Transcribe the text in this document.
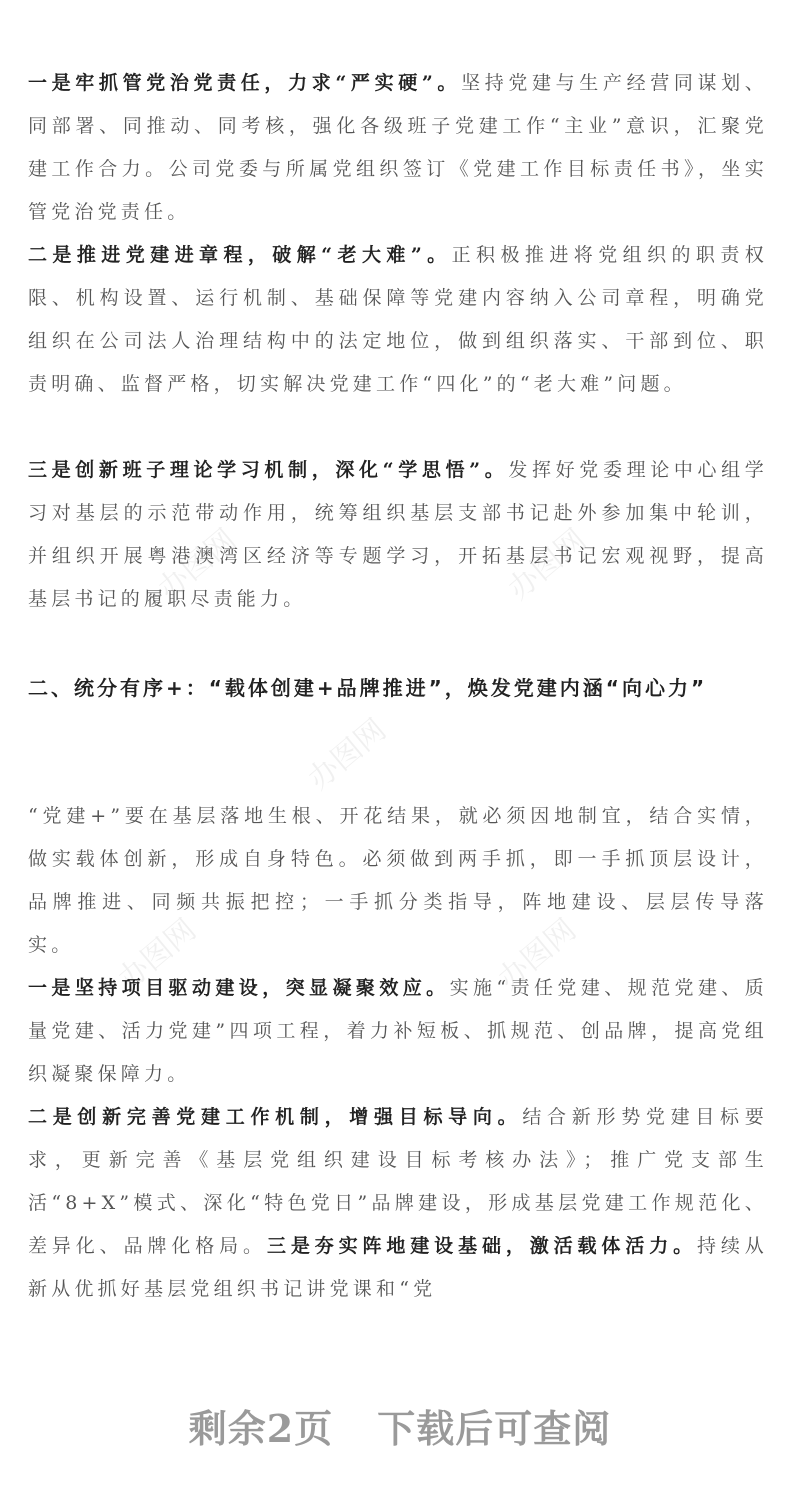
办图网	办图网
办图网
办图网	办图网

一是牢抓管党治党责任，力求“严实硬”。坚持党建与生产经营同谋划、同部署、同推动、同考核，强化各级班子党建工作“主业”意识，汇聚党建工作合力。公司党委与所属党组织签订《党建工作目标责任书》，坐实管党治党责任。

二是推进党建进章程，破解“老大难”。正积极推进将党组织的职责权限、机构设置、运行机制、基础保障等党建内容纳入公司章程，明确党组织在公司法人治理结构中的法定地位，做到组织落实、干部到位、职责明确、监督严格，切实解决党建工作“四化”的“老大难”问题。

三是创新班子理论学习机制，深化“学思悟”。发挥好党委理论中心组学习对基层的示范带动作用，统筹组织基层支部书记赴外参加集中轮训，并组织开展粤港澳湾区经济等专题学习，开拓基层书记宏观视野，提高基层书记的履职尽责能力。

二、统分有序+：“载体创建+品牌推进”，焕发党建内涵“向心力”

“党建+”要在基层落地生根、开花结果，就必须因地制宜，结合实情，做实载体创新，形成自身特色。必须做到两手抓，即一手抓顶层设计，品牌推进、同频共振把控；一手抓分类指导，阵地建设、层层传导落实。

一是坚持项目驱动建设，突显凝聚效应。实施“责任党建、规范党建、质量党建、活力党建”四项工程，着力补短板、抓规范、创品牌，提高党组织凝聚保障力。

二是创新完善党建工作机制，增强目标导向。结合新形势党建目标要求，更新完善《基层党组织建设目标考核办法》；推广党支部生活“8+X”模式、深化“特色党日”品牌建设，形成基层党建工作规范化、差异化、品牌化格局。三是夯实阵地建设基础，激活载体活力。持续从新从优抓好基层党组织书记讲党课和“党

剩余2页 下载后可查阅
